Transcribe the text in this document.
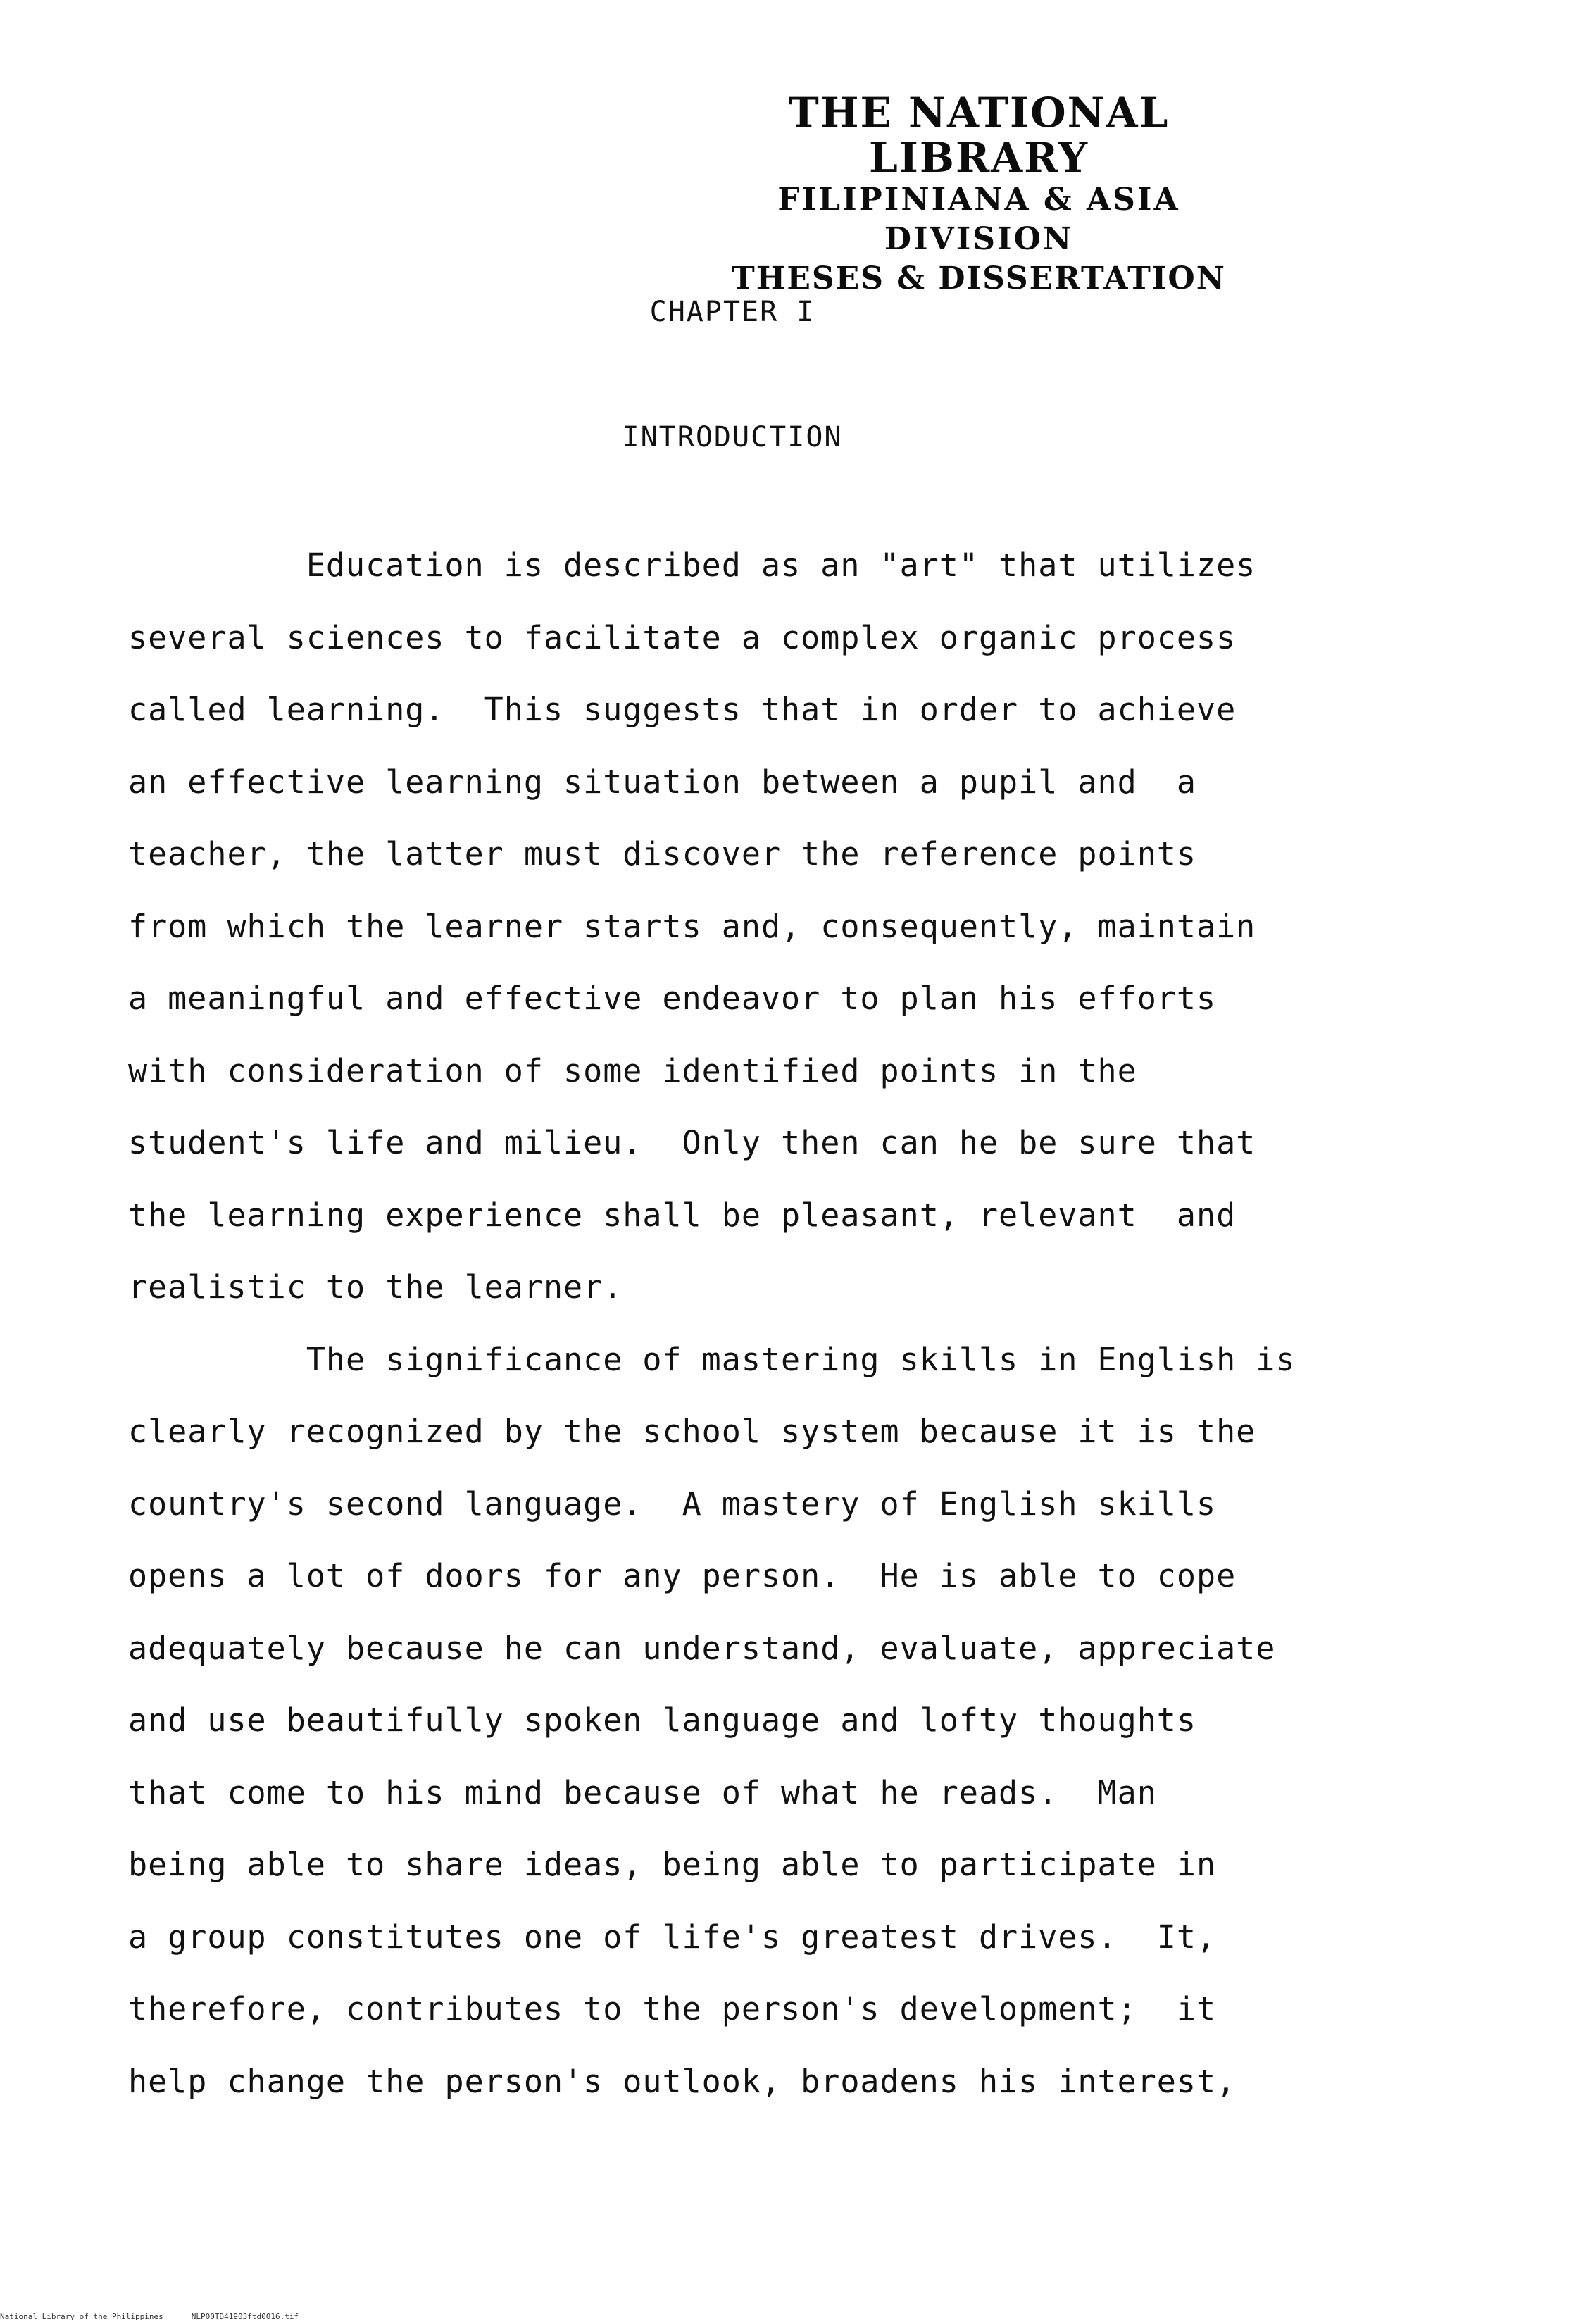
THE NATIONAL LIBRARY
FILIPINIANA & ASIA DIVISION
THESES & DISSERTATION
CHAPTER I
INTRODUCTION
Education is described as an "art" that utilizes
several sciences to facilitate a complex organic process
called learning.  This suggests that in order to achieve
an effective learning situation between a pupil and  a
teacher, the latter must discover the reference points
from which the learner starts and, consequently, maintain
a meaningful and effective endeavor to plan his efforts
with consideration of some identified points in the
student's life and milieu.  Only then can he be sure that
the learning experience shall be pleasant, relevant  and
realistic to the learner.
The significance of mastering skills in English is
clearly recognized by the school system because it is the
country's second language.  A mastery of English skills
opens a lot of doors for any person.  He is able to cope
adequately because he can understand, evaluate, appreciate
and use beautifully spoken language and lofty thoughts
that come to his mind because of what he reads.  Man
being able to share ideas, being able to participate in
a group constitutes one of life's greatest drives.  It,
therefore, contributes to the person's development;  it
help change the person's outlook, broadens his interest,
National Library of the Philippines	NLP00TD41903ftd0016.tif
